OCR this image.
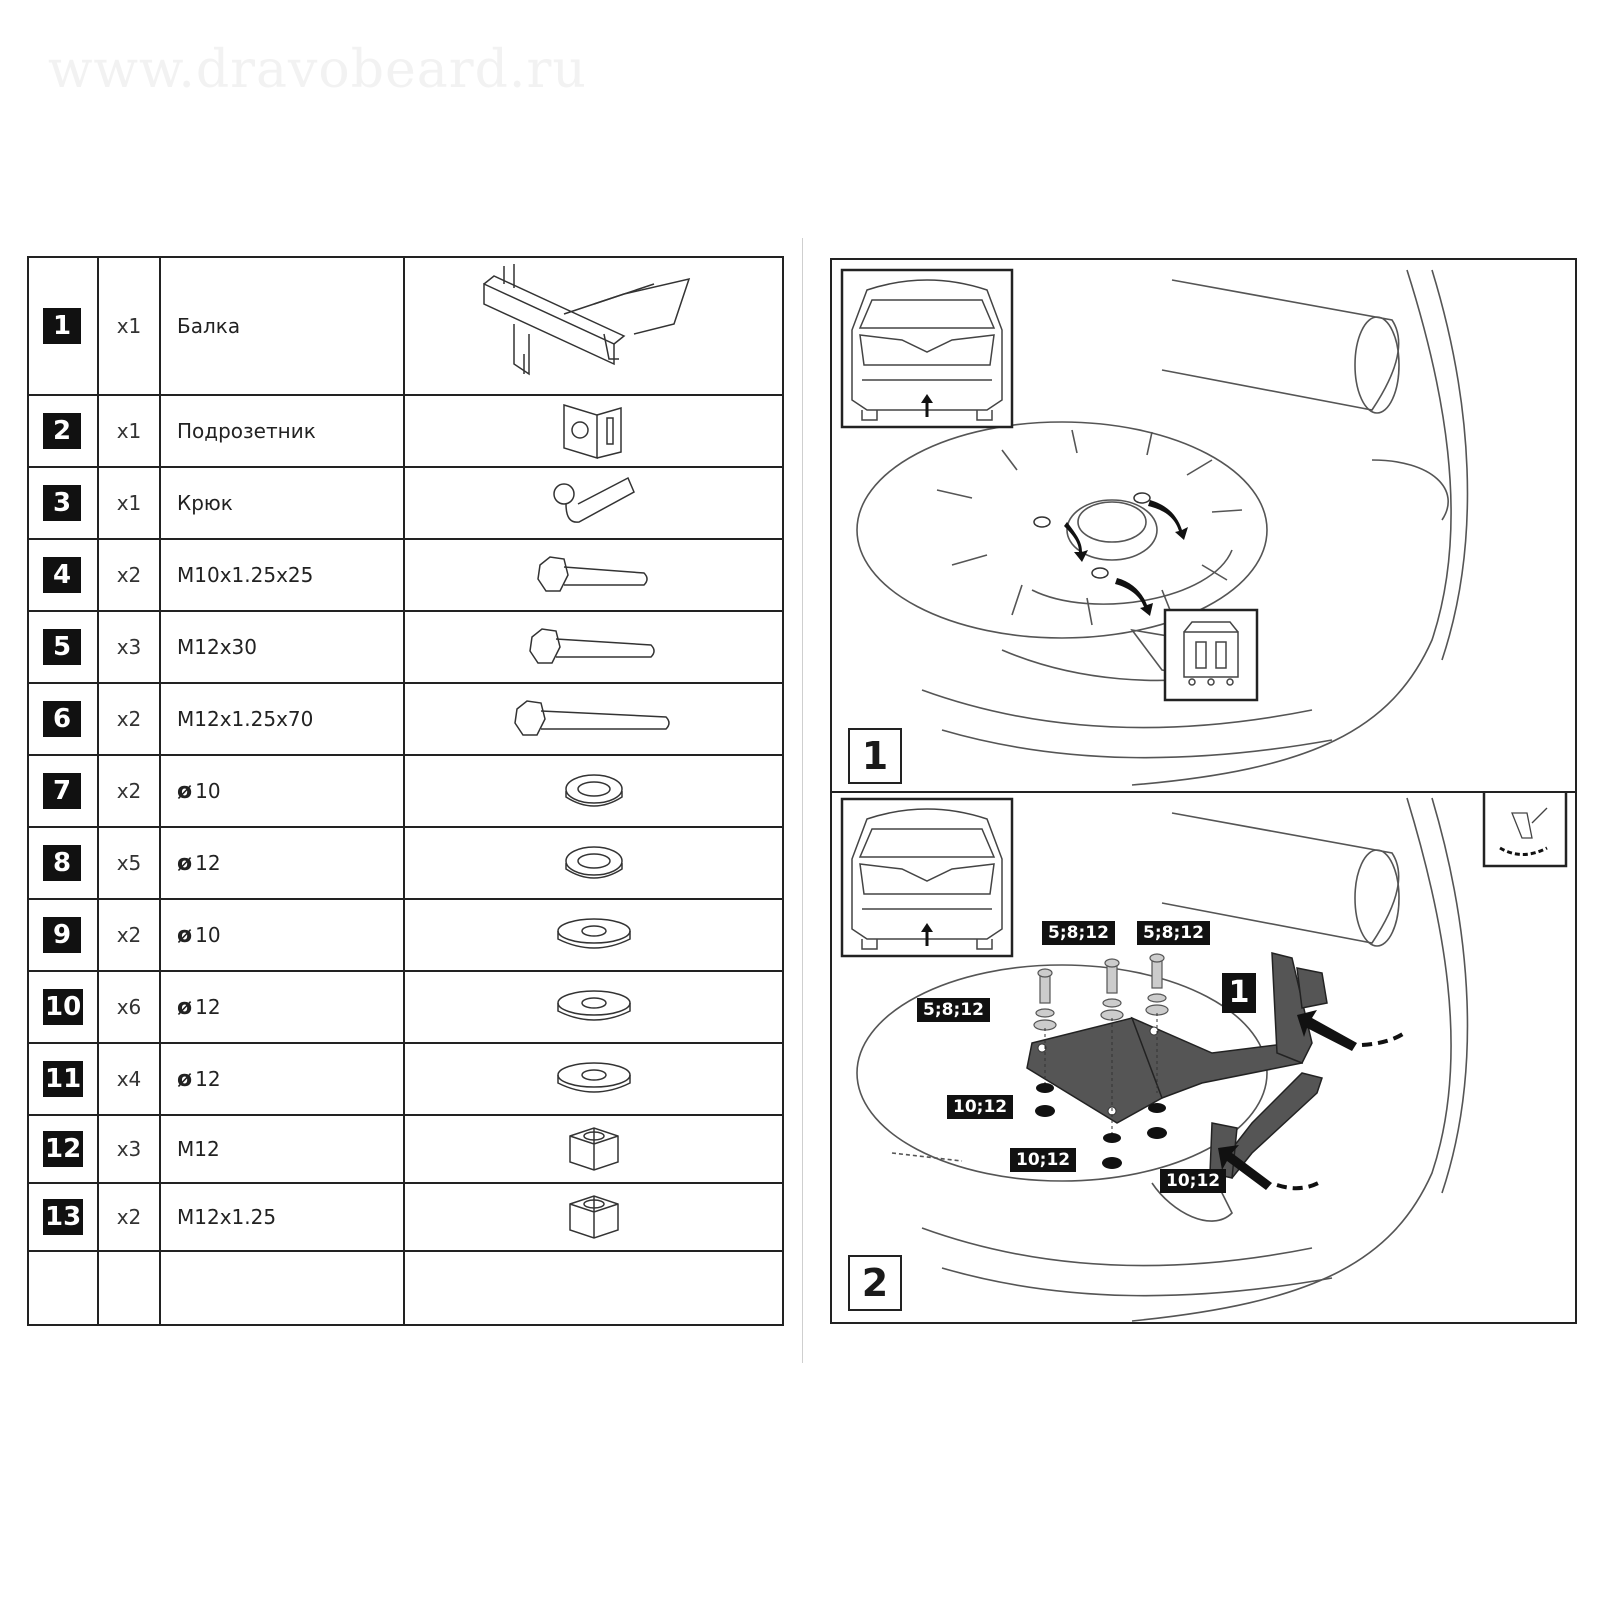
www.dravobeard.ru
1	x1	Балка	

2	x1	Подрозетник	

3	x1	Крюк	

4	x2	M10x1.25x25	

5	x3	M12x30	

6	x2	M12x1.25x70	

7	x2	ø 10	

8	x5	ø 12	

9	x2	ø 10	

10	x6	ø 12	

11	x4	ø 12	

12	x3	M12	

13	x2	M12x1.25	

1
5;8;12
5;8;12	5;8;12
10;12
10;12
10;12
1
2
